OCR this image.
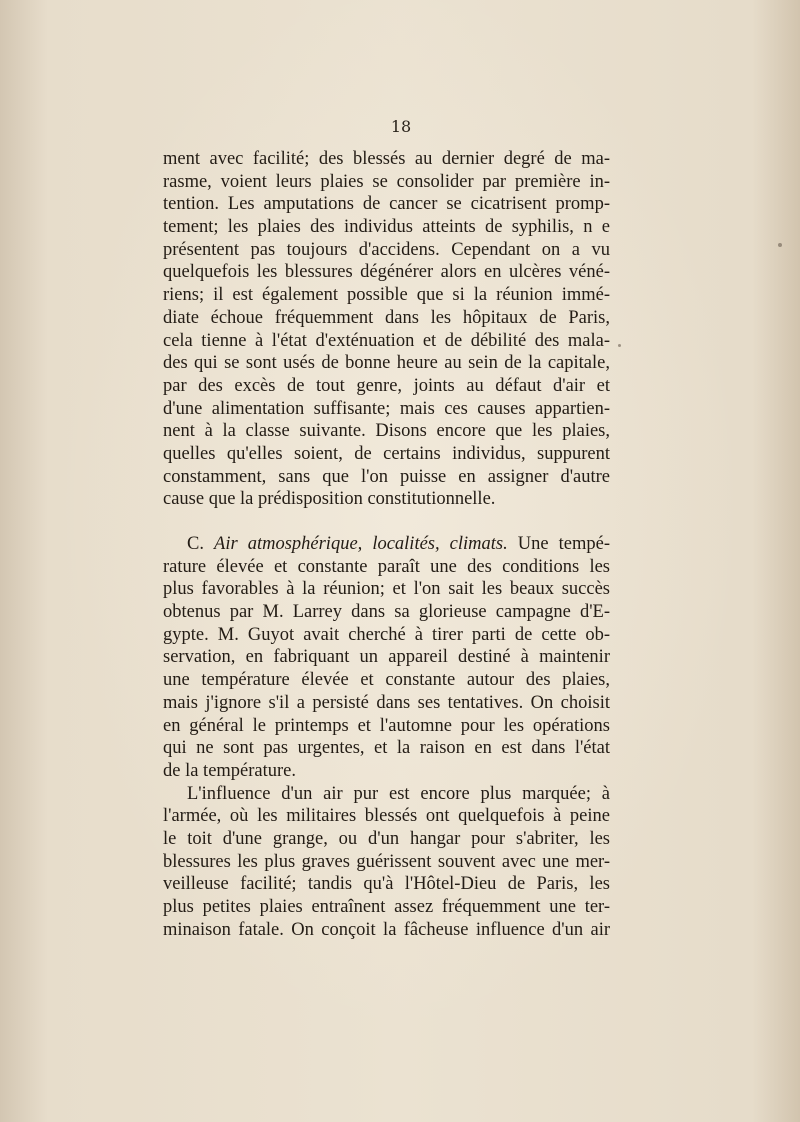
18
ment avec facilité; des blessés au dernier degré de ma-
rasme, voient leurs plaies se consolider par première in-
tention. Les amputations de cancer se cicatrisent promp-
tement; les plaies des individus atteints de syphilis, n e
présentent pas toujours d'accidens. Cependant on a vu
quelquefois les blessures dégénérer alors en ulcères véné-
riens; il est également possible que si la réunion immé-
diate échoue fréquemment dans les hôpitaux de Paris,
cela tienne à l'état d'exténuation et de débilité des mala-
des qui se sont usés de bonne heure au sein de la capitale,
par des excès de tout genre, joints au défaut d'air et
d'une alimentation suffisante; mais ces causes appartien-
nent à la classe suivante. Disons encore que les plaies,
quelles qu'elles soient, de certains individus, suppurent
constamment, sans que l'on puisse en assigner d'autre
cause que la prédisposition constitutionnelle.
C. Air atmosphérique, localités, climats. Une tempé-
rature élevée et constante paraît une des conditions les
plus favorables à la réunion; et l'on sait les beaux succès
obtenus par M. Larrey dans sa glorieuse campagne d'E-
gypte. M. Guyot avait cherché à tirer parti de cette ob-
servation, en fabriquant un appareil destiné à maintenir
une température élevée et constante autour des plaies,
mais j'ignore s'il a persisté dans ses tentatives. On choisit
en général le printemps et l'automne pour les opérations
qui ne sont pas urgentes, et la raison en est dans l'état
de la température.
L'influence d'un air pur est encore plus marquée; à
l'armée, où les militaires blessés ont quelquefois à peine
le toit d'une grange, ou d'un hangar pour s'abriter, les
blessures les plus graves guérissent souvent avec une mer-
veilleuse facilité; tandis qu'à l'Hôtel-Dieu de Paris, les
plus petites plaies entraînent assez fréquemment une ter-
minaison fatale. On conçoit la fâcheuse influence d'un air
